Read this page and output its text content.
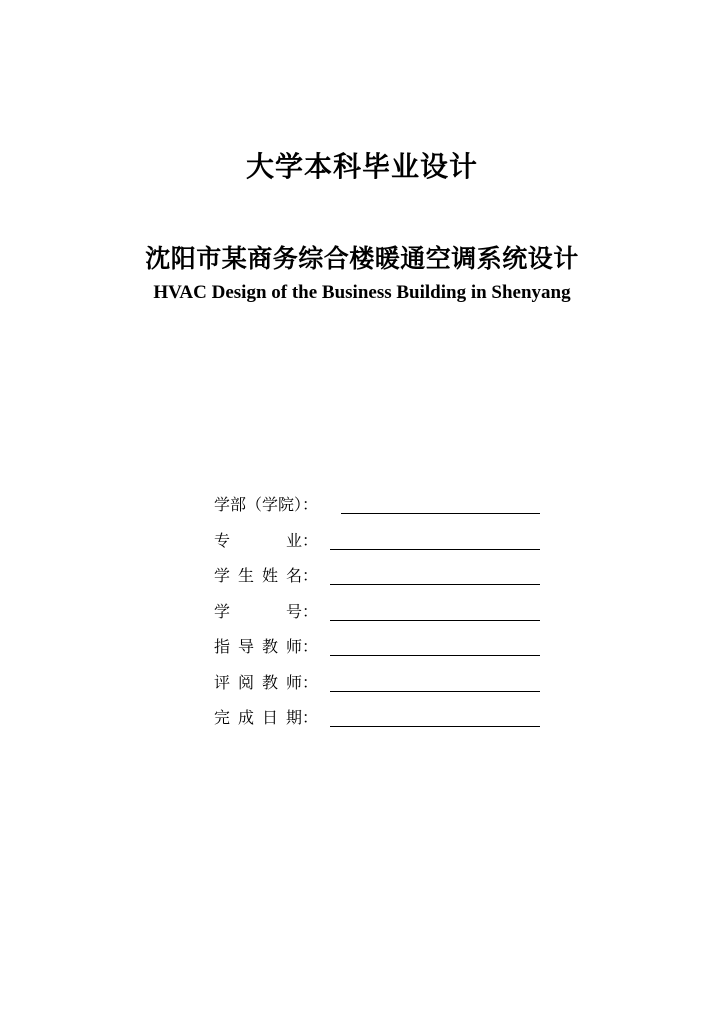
大学本科毕业设计
沈阳市某商务综合楼暖通空调系统设计
HVAC Design of the Business Building in Shenyang
学部（学院）：
专	业：
学 生 姓 名：
学	号：
指 导 教 师：
评 阅 教 师：
完 成 日 期：
